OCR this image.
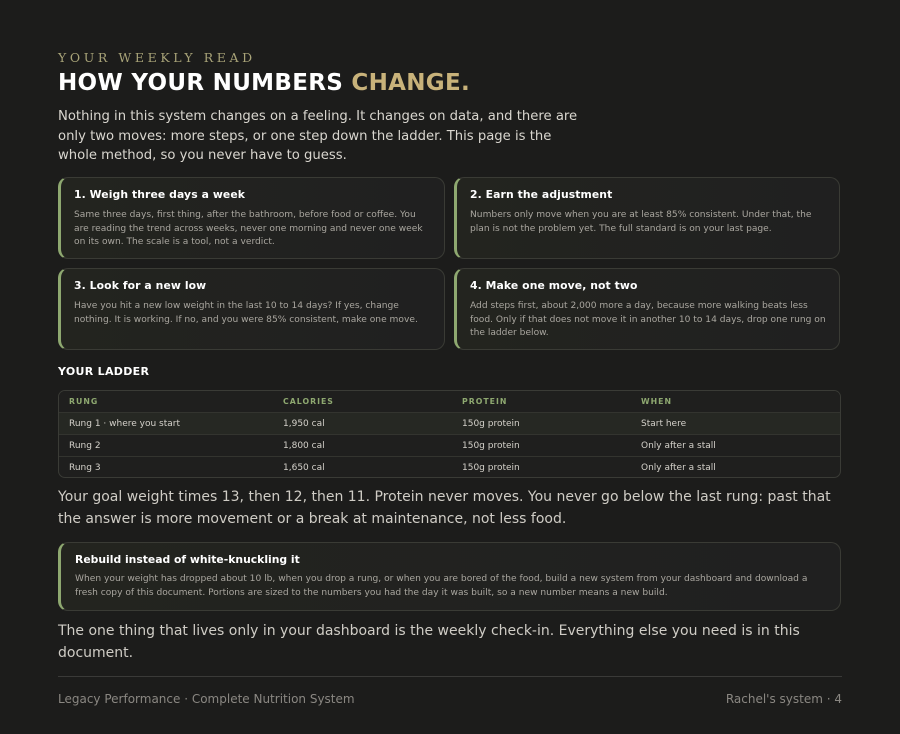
YOUR WEEKLY READ
HOW YOUR NUMBERS CHANGE.

Nothing in this system changes on a feeling. It changes on data, and there are only two moves: more steps, or one step down the ladder. This page is the whole method, so you never have to guess.

1. Weigh three days a week

Same three days, first thing, after the bathroom, before food or coffee. You are reading the trend across weeks, never one morning and never one week on its own. The scale is a tool, not a verdict.

2. Earn the adjustment

Numbers only move when you are at least 85% consistent. Under that, the plan is not the problem yet. The full standard is on your last page.

3. Look for a new low

Have you hit a new low weight in the last 10 to 14 days? If yes, change nothing. It is working. If no, and you were 85% consistent, make one move.

4. Make one move, not two

Add steps first, about 2,000 more a day, because more walking beats less food. Only if that does not move it in another 10 to 14 days, drop one rung on the ladder below.

YOUR LADDER
RUNG	CALORIES	PROTEIN	WHEN
Rung 1 · where you start	1,950 cal	150g protein	Start here
Rung 2	1,800 cal	150g protein	Only after a stall
Rung 3	1,650 cal	150g protein	Only after a stall

Your goal weight times 13, then 12, then 11. Protein never moves. You never go below the last rung: past that the answer is more movement or a break at maintenance, not less food.

Rebuild instead of white-knuckling it

When your weight has dropped about 10 lb, when you drop a rung, or when you are bored of the food, build a new system from your dashboard and download a fresh copy of this document. Portions are sized to the numbers you had the day it was built, so a new number means a new build.

The one thing that lives only in your dashboard is the weekly check-in. Everything else you need is in this document.

Legacy Performance · Complete Nutrition System	Rachel's system · 4
